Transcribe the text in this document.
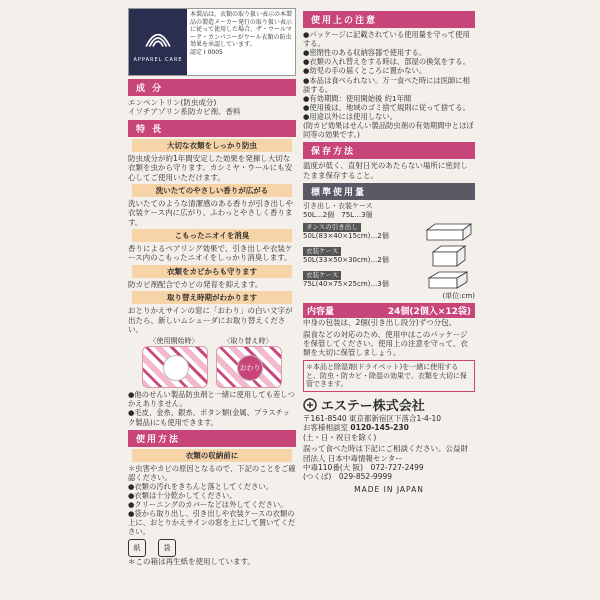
APPAREL CARE
本製品は、衣類の取り扱い表示の本製品の製造メーカー発行の取り扱い表示に従って使用した場合、ザ・ウールマーク・カンパニーがウール衣類の防虫効果を承認しています。
認定 I 0005
成 分
エンペントリン(防虫成分)
イソチアゾリン系防カビ剤、香料
特 長
大切な衣類をしっかり防虫
防虫成分が約1年間安定した効果を発揮し大切な衣類を虫から守ります。カシミヤ・ウールにも安心してご使用いただけます。
洗いたてのやさしい香りが広がる
洗いたてのような清潔感のある香りが引き出しや衣装ケース内に広がり、ふわっとやさしく香ります。
こもったニオイを消臭
香りによるペアリング効果で、引き出しや衣装ケース内のこもったニオイをしっかり消臭します。
衣類をカビからも守ります
防カビ剤配合でカビの発育を抑えます。
取り替え時期がわかります
おとりかえサインの窓に「おわり」の白い文字が出たら、新しいムシューダにお取り替えください。
〈使用開始時〉	〈取り替え時〉
おわり
●他のせんい製品防虫剤と一緒に使用しても差しつかえありません。
●毛皮、金糸、銀糸、ボタン類(金属、プラスチック製品)にも使用できます。
使用方法
衣類の収納前に
＊虫害やカビの原因となるので、下記のことをご確認ください。
●衣類の汚れをきちんと落としてください。
●衣類は十分乾かしてください。
●クリーニングのカバーなどは外してください。
●袋から取り出し、引き出しや衣装ケースの衣類の上に、おとりかえサインの窓を上にして置いてください。
紙	袋
＊この箱は再生紙を使用しています。
使用上の注意
●パッケージに記載されている使用量を守って使用する。
●密閉性のある収納容器で使用する。
●衣類の入れ替えをする時は、部屋の換気をする。
●幼児の手の届くところに置かない。
●本品は食べられない。万一食べた時には医師に相談する。
●有効期間：使用開始後 約1年間
●使用後は、地域のゴミ捨て規則に従って捨てる。
●用途以外には使用しない。
(防カビ効果はせんい製品防虫剤の有効期間中とほぼ同等の効果です。)
保存方法
温度が低く、直射日光のあたらない場所に密封したまま保存すること。
標準使用量
引き出し・衣装ケース
50L…2個　75L…3個
タンスの引き出し
50L(83×40×15cm)…2個
衣装ケース
50L(33×50×30cm)…2個
衣装ケース
75L(40×75×25cm)…3個
(単位:cm)
内容量	24個(2個入×12袋)
中身の包装は、2個(引き出し段分)ずつ分包。
誤食などの対応のため、使用中はこのパッケージを保管してください。使用上の注意を守って、衣類を大切に保管しましょう。
＊本品と除湿剤(ドライペット)を一緒に使用すると、防虫・防カビ・除湿の効果で、衣類を大切に保管できます。
エステー株式会社
〒161-8540 東京都新宿区下落合1-4-10
お客様相談室 0120-145-230
(土・日・祝日を除く)
誤って食べた時は下記にご相談ください。公益財団法人 日本中毒情報センター
中毒110番(大 阪)　072-727-2499
(つくば)　029-852-9999
MADE IN JAPAN
